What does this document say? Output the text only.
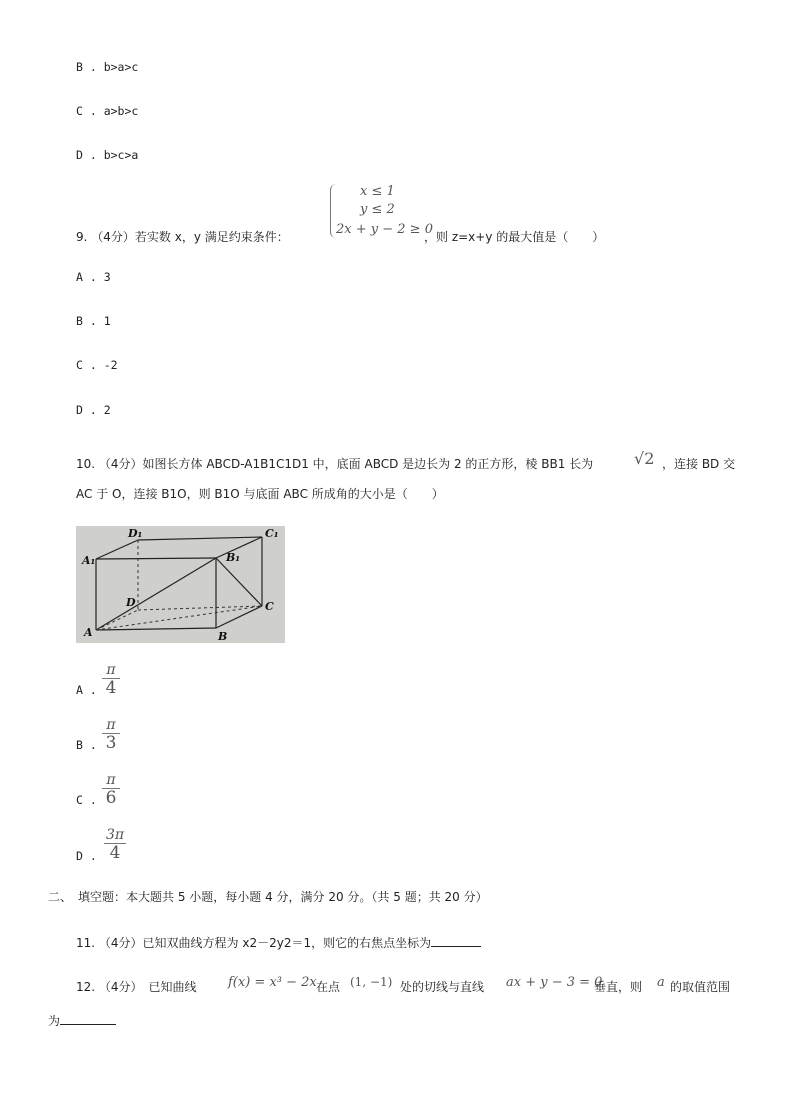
B . b>a>c
C . a>b>c
D . b>c>a
9. （4分）若实数 x，y 满足约束条件：
x ≤ 1
y ≤ 2
2x + y − 2 ≥ 0
，则 z=x+y 的最大值是（　　）
A . 3
B . 1
C . -2
D . 2
10. （4分）如图长方体 ABCD-A1B1C1D1 中，底面 ABCD 是边长为 2 的正方形，棱 BB1 长为	√2 ，连接 BD 交
AC 于 O，连接 B1O，则 B1O 与底面 ABC 所成角的大小是（　　）
D₁	C₁
A₁	B₁
D	C
A	B
A .
π
4
B .
π
3
C .
π
6
D .
3π
4
二、　填空题：本大题共 5 小题，每小题 4 分，满分 20 分。（共 5 题；共 20 分）
11. （4分）已知双曲线方程为 x2－2y2＝1，则它的右焦点坐标为
12. （4分）　已知曲线 f(x) = x³ − 2x 在点 (1, −1) 处的切线与直线 ax + y − 3 = 0
垂直，则 a 的取值范围
为
